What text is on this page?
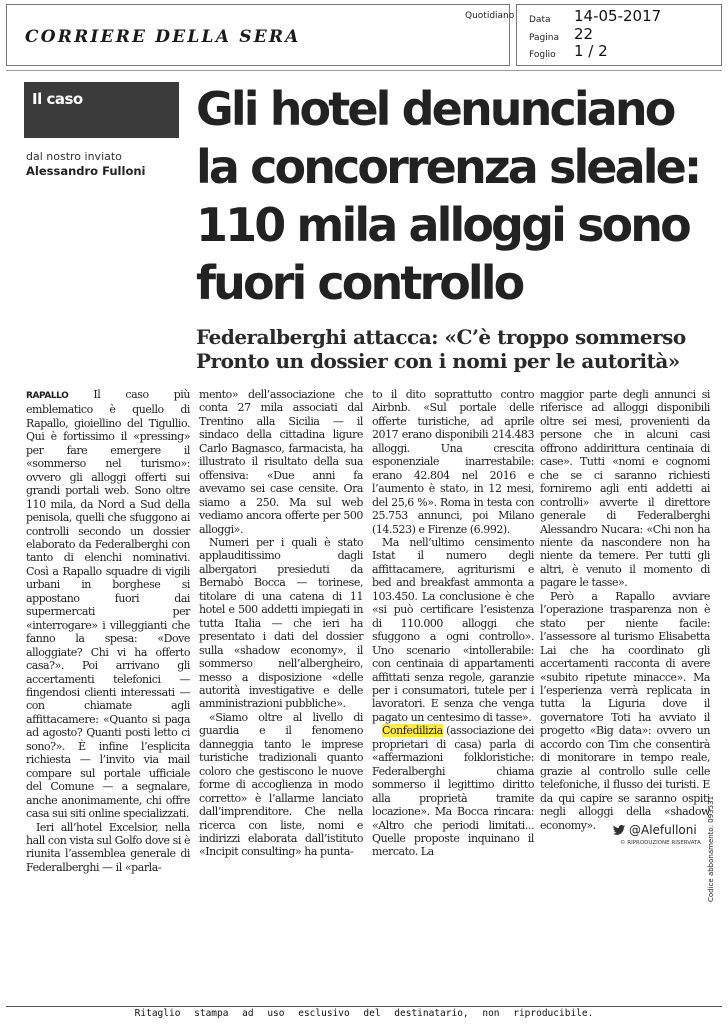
CORRIERE DELLA SERA
Quotidiano Data 14-05-2017
Pagina 22
Foglio 1 / 2
Il caso
dal nostro inviato
Alessandro Fulloni
Gli hotel denunciano la concorrenza sleale: 110 mila alloggi sono fuori controllo
Federalberghi attacca: «C’è troppo sommerso Pronto un dossier con i nomi per le autorità»

RAPALLO Il caso più emblematico è quello di Rapallo, gioiellino del Tigullio. Qui è fortissimo il «pressing» per fare emergere il «sommerso nel turismo»: ovvero gli alloggi offerti sui grandi portali web. Sono oltre 110 mila, da Nord a Sud della penisola, quelli che sfuggono ai controlli secondo un dossier elaborato da Federalberghi con tanto di elenchi nominativi. Così a Rapallo squadre di vigili urbani in borghese si appostano fuori dai supermercati per «interrogare» i villeggianti che fanno la spesa: «Dove alloggiate? Chi vi ha offerto casa?». Poi arrivano gli accertamenti telefonici — fingendosi clienti interessati — con chiamate agli affittacamere: «Quanto si paga ad agosto? Quanti posti letto ci sono?». È infine l’esplicita richiesta — l’invito via mail compare sul portale ufficiale del Comune — a segnalare, anche anonimamente, chi offre casa sui siti online specializzati.

Ieri all’hotel Excelsior, nella hall con vista sul Golfo dove si è riunita l’assemblea generale di Federalberghi — il «parla-

mento» dell’associazione che conta 27 mila associati dal Trentino alla Sicilia — il sindaco della cittadina ligure Carlo Bagnasco, farmacista, ha illustrato il risultato della sua offensiva: «Due anni fa avevamo sei case censite. Ora siamo a 250. Ma sul web vediamo ancora offerte per 500 alloggi».

Numeri per i quali è stato applauditissimo dagli albergatori presieduti da Bernabò Bocca — torinese, titolare di una catena di 11 hotel e 500 addetti impiegati in tutta Italia — che ieri ha presentato i dati del dossier sulla «shadow economy», il sommerso nell’albergheiro, messo a disposizione «delle autorità investigative e delle amministrazioni pubbliche».

«Siamo oltre al livello di guardia e il fenomeno danneggia tanto le imprese turistiche tradizionali quanto coloro che gestiscono le nuove forme di accoglienza in modo corretto» è l’allarme lanciato dall’imprenditore. Che nella ricerca con liste, nomi e indirizzi elaborata dall’istituto «Incipit consulting» ha punta-

to il dito soprattutto contro Airbnb. «Sul portale delle offerte turistiche, ad aprile 2017 erano disponibili 214.483 alloggi. Una crescita esponenziale inarrestabile: erano 42.804 nel 2016 e l’aumento è stato, in 12 mesi, del 25,6 %». Roma in testa con 25.753 annunci, poi Milano (14.523) e Firenze (6.992).

Ma nell’ultimo censimento Istat il numero degli affittacamere, agriturismi e bed and breakfast ammonta a 103.450. La conclusione è che «si può certificare l’esistenza di 110.000 alloggi che sfuggono a ogni controllo». Uno scenario «intollerabile: con centinaia di appartamenti affittati senza regole, garanzie per i consumatori, tutele per i lavoratori. E senza che venga pagato un centesimo di tasse».

Confedilizia (associazione dei proprietari di casa) parla di «affermazioni folkloristiche: Federalberghi chiama sommerso il legittimo diritto alla proprietà tramite locazione». Ma Bocca rincara: «Altro che periodi limitati... Quelle proposte inquinano il mercato. La

maggior parte degli annunci si riferisce ad alloggi disponibili oltre sei mesi, provenienti da persone che in alcuni casi offrono addirittura centinaia di case». Tutti «nomi e cognomi che se ci saranno richiesti forniremo agli enti addetti ai controlli» avverte il direttore generale di Federalberghi Alessandro Nucara: «Chi non ha niente da nascondere non ha niente da temere. Per tutti gli altri, è venuto il momento di pagare le tasse».

Però a Rapallo avviare l’operazione trasparenza non è stato per niente facile: l’assessore al turismo Elisabetta Lai che ha coordinato gli accertamenti racconta di avere «subito ripetute minacce». Ma l’esperienza verrà replicata in tutta la Liguria dove il governatore Toti ha avviato il progetto «Big data»: ovvero un accordo con Tim che consentirà di monitorare in tempo reale, grazie al controllo sulle celle telefoniche, il flusso dei turisti. E da qui capire se saranno ospiti negli alloggi della «shadow economy».	@Alefulloni
© RIPRODUZIONE RISERVATA Codice abbonamento: 093531
Ritaglio stampa ad uso esclusivo del destinatario, non riproducibile.
